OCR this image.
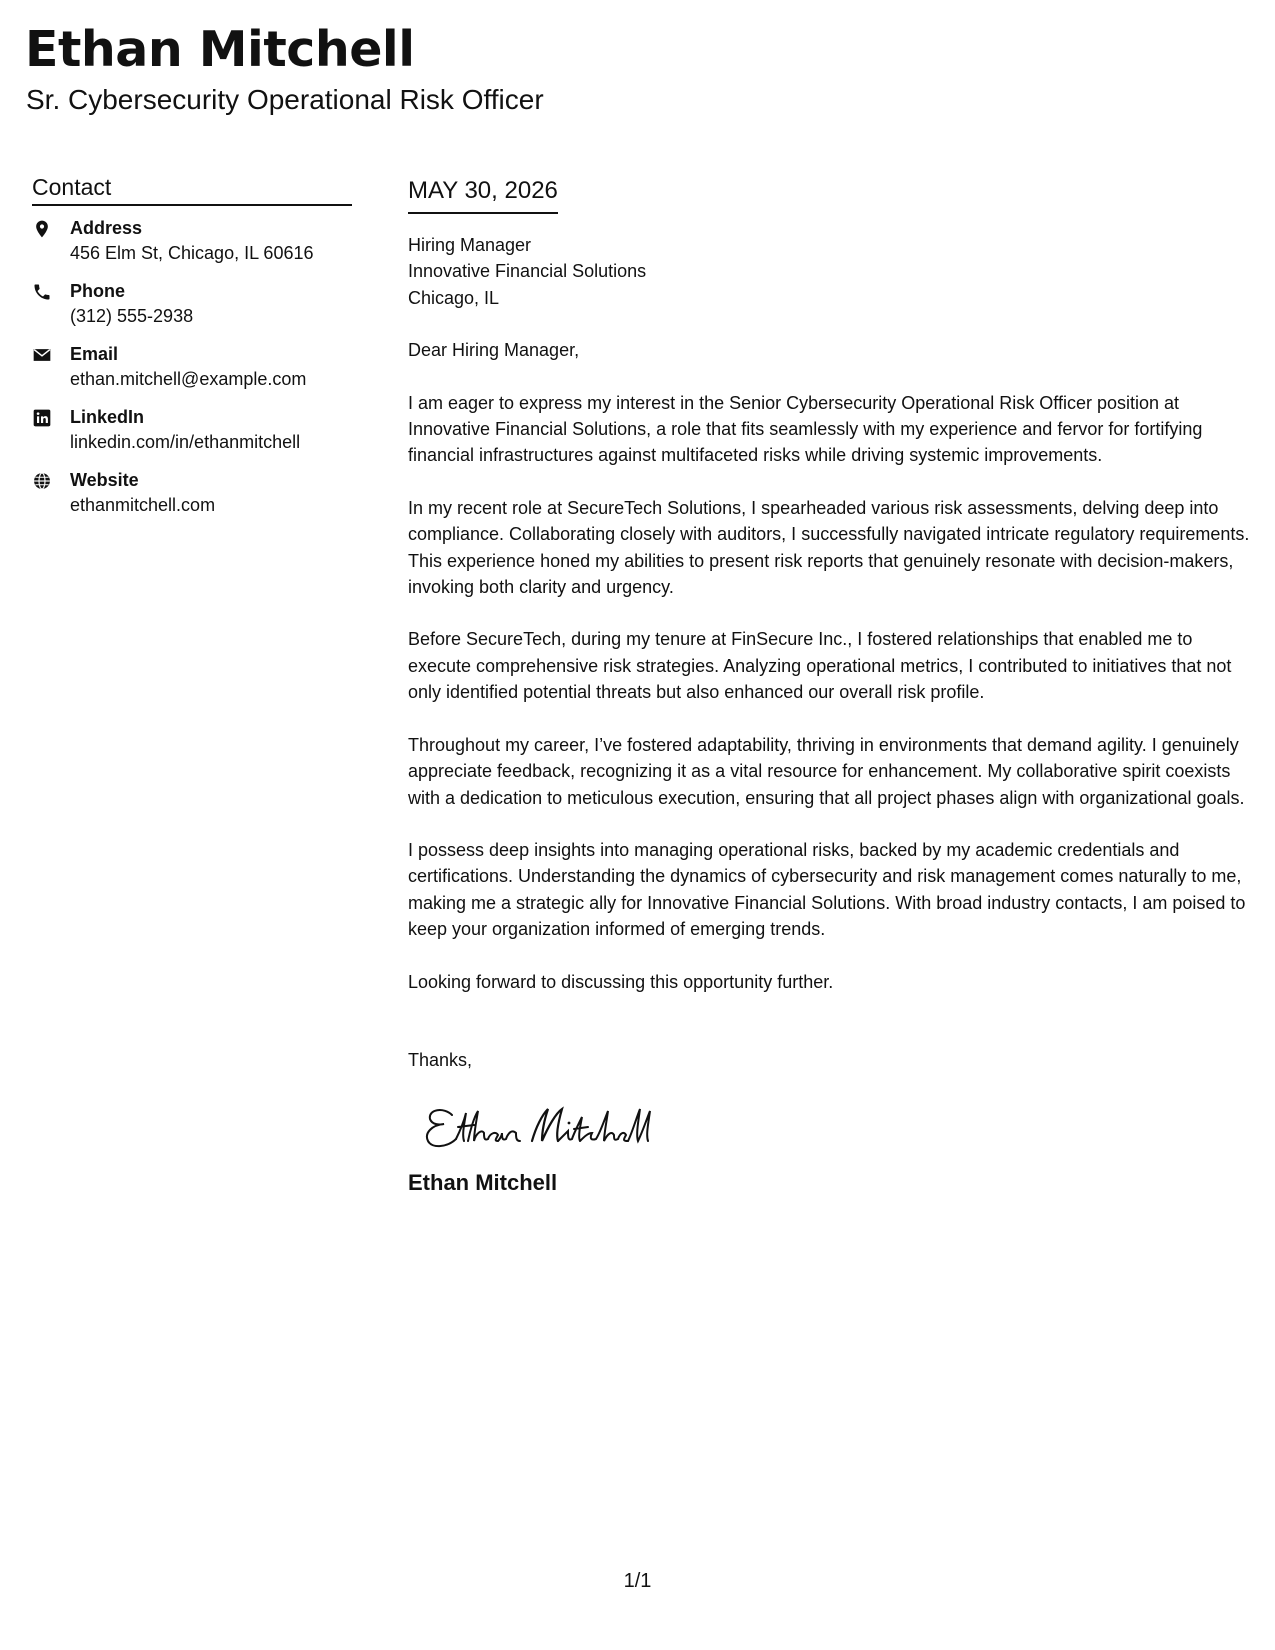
Ethan Mitchell
Sr. Cybersecurity Operational Risk Officer
Contact
Address
456 Elm St, Chicago, IL 60616
Phone
(312) 555-2938
Email
ethan.mitchell@example.com
LinkedIn
linkedin.com/in/ethanmitchell
Website
ethanmitchell.com
MAY 30, 2026
Hiring Manager
Innovative Financial Solutions
Chicago, IL
Dear Hiring Manager,

I am eager to express my interest in the Senior Cybersecurity Operational Risk Officer position at Innovative Financial Solutions, a role that fits seamlessly with my experience and fervor for fortifying financial infrastructures against multifaceted risks while driving systemic improvements.

In my recent role at SecureTech Solutions, I spearheaded various risk assessments, delving deep into compliance. Collaborating closely with auditors, I successfully navigated intricate regulatory requirements. This experience honed my abilities to present risk reports that genuinely resonate with decision-makers, invoking both clarity and urgency.

Before SecureTech, during my tenure at FinSecure Inc., I fostered relationships that enabled me to execute comprehensive risk strategies. Analyzing operational metrics, I contributed to initiatives that not only identified potential threats but also enhanced our overall risk profile.

Throughout my career, I’ve fostered adaptability, thriving in environments that demand agility. I genuinely appreciate feedback, recognizing it as a vital resource for enhancement. My collaborative spirit coexists with a dedication to meticulous execution, ensuring that all project phases align with organizational goals.

I possess deep insights into managing operational risks, backed by my academic credentials and certifications. Understanding the dynamics of cybersecurity and risk management comes naturally to me, making me a strategic ally for Innovative Financial Solutions. With broad industry contacts, I am poised to keep your organization informed of emerging trends.

Looking forward to discussing this opportunity further.

Thanks,
Ethan Mitchell
1/1
